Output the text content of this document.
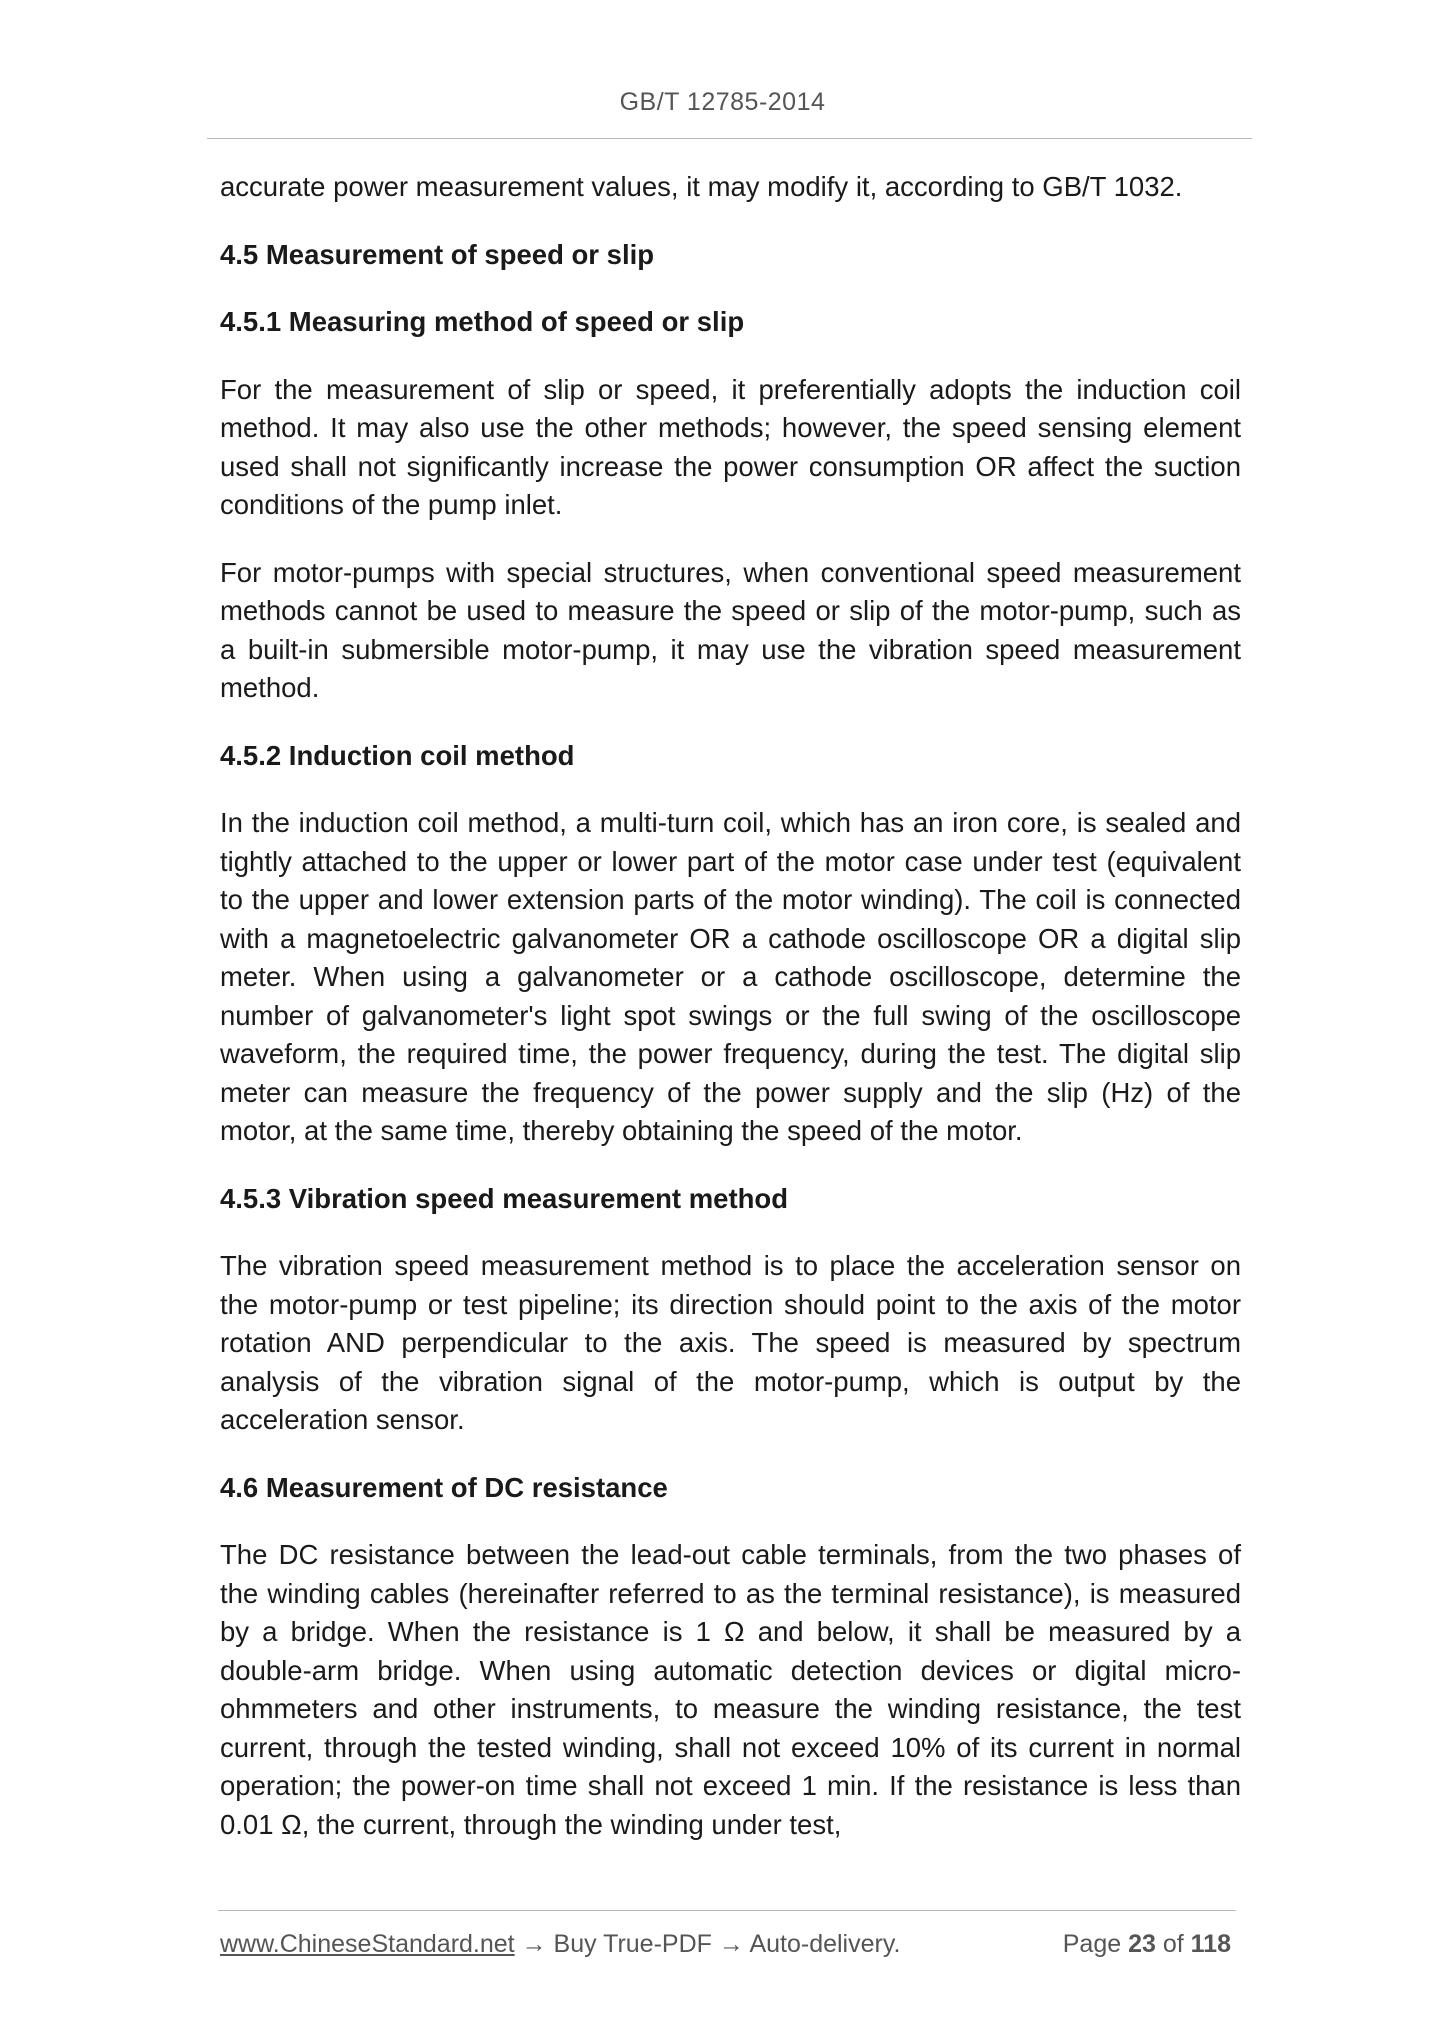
GB/T 12785-2014

accurate power measurement values, it may modify it, according to GB/T 1032.

4.5 Measurement of speed or slip
4.5.1 Measuring method of speed or slip

For the measurement of slip or speed, it preferentially adopts the induction coil method. It may also use the other methods; however, the speed sensing element used shall not significantly increase the power consumption OR affect the suction conditions of the pump inlet.

For motor-pumps with special structures, when conventional speed measurement methods cannot be used to measure the speed or slip of the motor-pump, such as a built-in submersible motor-pump, it may use the vibration speed measurement method.

4.5.2 Induction coil method

In the induction coil method, a multi-turn coil, which has an iron core, is sealed and tightly attached to the upper or lower part of the motor case under test (equivalent to the upper and lower extension parts of the motor winding). The coil is connected with a magnetoelectric galvanometer OR a cathode oscilloscope OR a digital slip meter. When using a galvanometer or a cathode oscilloscope, determine the number of galvanometer's light spot swings or the full swing of the oscilloscope waveform, the required time, the power frequency, during the test. The digital slip meter can measure the frequency of the power supply and the slip (Hz) of the motor, at the same time, thereby obtaining the speed of the motor.

4.5.3 Vibration speed measurement method

The vibration speed measurement method is to place the acceleration sensor on the motor-pump or test pipeline; its direction should point to the axis of the motor rotation AND perpendicular to the axis. The speed is measured by spectrum analysis of the vibration signal of the motor-pump, which is output by the acceleration sensor.

4.6 Measurement of DC resistance

The DC resistance between the lead-out cable terminals, from the two phases of the winding cables (hereinafter referred to as the terminal resistance), is measured by a bridge. When the resistance is 1 Ω and below, it shall be measured by a double-arm bridge. When using automatic detection devices or digital micro-ohmmeters and other instruments, to measure the winding resistance, the test current, through the tested winding, shall not exceed 10% of its current in normal operation; the power-on time shall not exceed 1 min. If the resistance is less than 0.01 Ω, the current, through the winding under test,

www.ChineseStandard.net → Buy True-PDF → Auto-delivery.	Page 23 of 118
